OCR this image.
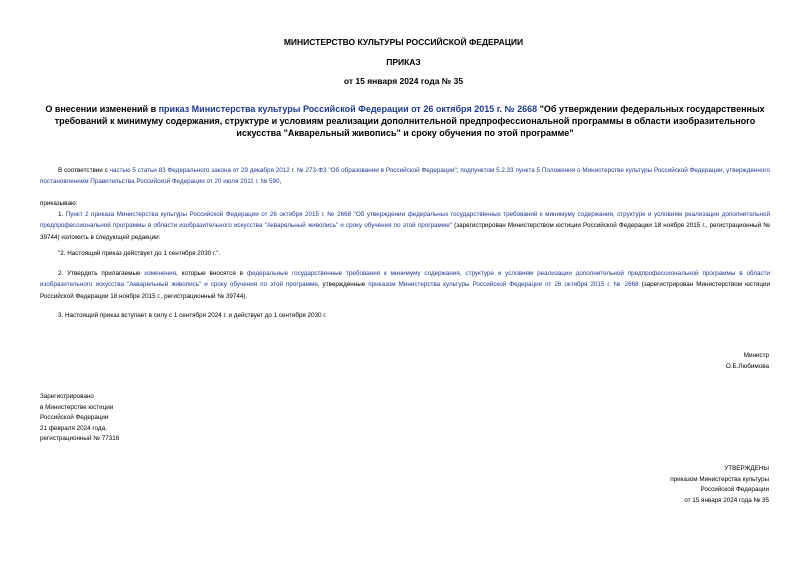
МИНИСТЕРСТВО КУЛЬТУРЫ РОССИЙСКОЙ ФЕДЕРАЦИИ
ПРИКАЗ
от 15 января 2024 года № 35
О внесении изменений в приказ Министерства культуры Российской Федерации от 26 октября 2015 г. № 2668 "Об утверждении федеральных государственных требований к минимуму содержания, структуре и условиям реализации дополнительной предпрофессиональной программы в области изобразительного искусства "Акварельный живопись" и сроку обучения по этой программе"
В соответствии с частью 5 статьи 83 Федерального закона от 29 декабря 2012 г. № 273-ФЗ "Об образовании в Российской Федерации"; подпунктом 5.2.33 пункта 5 Положения о Министерстве культуры Российской Федерации, утвержденного постановлением Правительства Российской Федерации от 20 июля 2011 г. № 590,
приказываю:
1. Пункт 2 приказа Министерства культуры Российской Федерации от 26 октября 2015 г. № 2668 "Об утверждении федеральных государственных требований к минимуму содержания, структуре и условиям реализации дополнительной предпрофессиональной программы в области изобразительного искусства "Акварельный живопись" и сроку обучения по этой программе" (зарегистрирован Министерством юстиции Российской Федерации 18 ноября 2015 г., регистрационный № 39744) изложить в следующей редакции:
"2. Настоящий приказ действует до 1 сентября 2030 г.".
2. Утвердить прилагаемые изменения, которые вносятся в федеральные государственные требования к минимуму содержания, структуре и условиям реализации дополнительной предпрофессиональной программы в области изобразительного искусства "Акварельный живопись" и сроку обучения по этой программе, утвержденные приказом Министерства культуры Российской Федерации от 26 октября 2015 г. № 2668 (зарегистрирован Министерством юстиции Российской Федерации 18 ноября 2015 г., регистрационный № 39744).
3. Настоящий приказ вступает в силу с 1 сентября 2024 г. и действует до 1 сентября 2030 г.
Министр
О.Б.Любимова
Зарегистрировано
в Министерстве юстиции
Российской Федерации
21 февраля 2024 года,
регистрационный № 77316
УТВЕРЖДЕНЫ
приказом Министерства культуры
Российской Федерации
от 15 января 2024 года № 35
